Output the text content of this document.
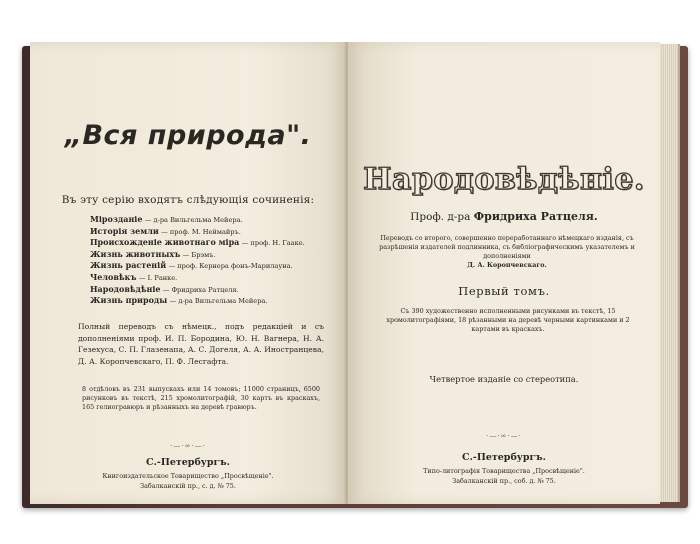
„Вся природа".
Въ эту серію входятъ слѣдующія сочиненія:
Мірозданіе — д-ра Вильгельма Мейера.
Исторія земли — проф. М. Неймайръ.
Происхожденіе животнаго міра — проф. Н. Гааке.
Жизнь животныхъ — Брэмъ.
Жизнь растеній — проф. Кернера фонъ-Марилауна.
Человѣкъ — І. Ранке.
Народовѣдѣніе — Фридриха Ратцеля.
Жизнь природы — д-ра Вильгельма Мейера.
Полный переводъ съ нѣмецк., подъ редакціей и съ дополненіями проф. И. П. Бородина, Ю. Н. Вагнера, Н. А. Гезехуса, С. П. Глазенапа, А. С. Догеля, А. А. Иностранцева, Д. А. Коропчевскаго, П. Ф. Лесгафта.
8 отдѣловъ въ 231 выпускахъ или 14 томовъ; 11000 страницъ, 6500 рисунковъ въ текстѣ, 215 хромолитографій, 30 картъ въ краскахъ, 165 гелиогравюръ и рѣзанныхъ на деревѣ гравюръ.
·—·∞·—·
С.-Петербургъ.
Книгоиздательское Товарищество „Просвѣщеніе".
Забалканскій пр., с. д. № 75.
Народовѣдѣніе.
Проф. д-ра Фридриха Ратцеля.
Переводъ со второго, совершенно переработаннаго нѣмецкаго изданія, съ разрѣшенія издателей подлинника, съ библіографическимъ указателемъ и дополненіями
Д. А. Коропчевскаго.
Первый томъ.
Съ 390 художественно исполненными рисунками въ текстѣ, 15 хромолитографіями, 18 рѣзанными на деревѣ черными картинками и 2 картами въ краскахъ.
Четвертое изданіе со стереотипа.
·—·∞·—·
С.-Петербургъ.
Типо-литографія Товарищества „Просвѣщеніе".
Забалканскій пр., соб. д. № 75.
